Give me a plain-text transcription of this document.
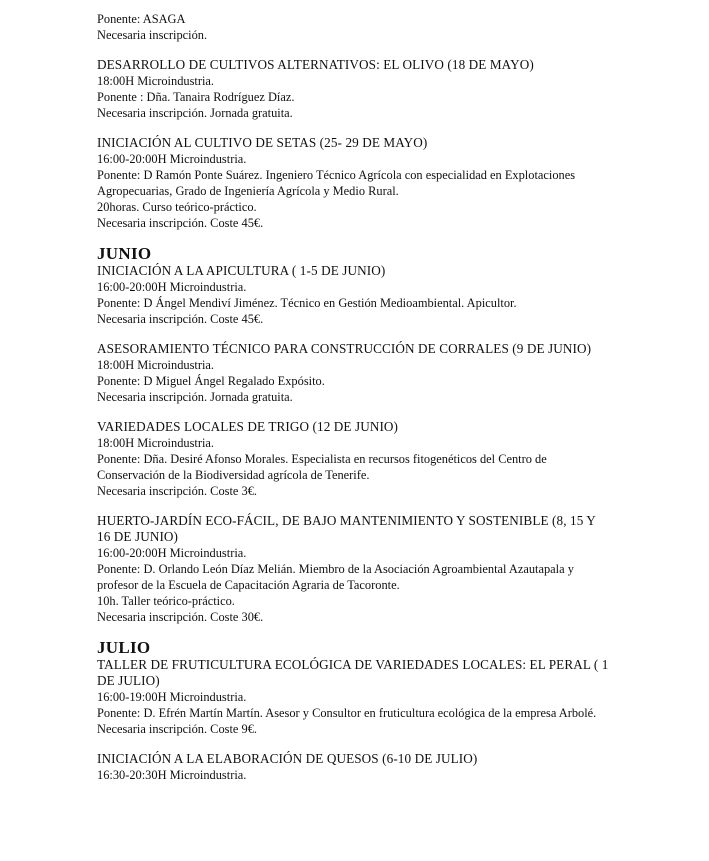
Ponente: ASAGA
Necesaria inscripción.
DESARROLLO DE CULTIVOS ALTERNATIVOS: EL OLIVO (18 DE MAYO)
18:00H Microindustria.
Ponente : Dña. Tanaira Rodríguez Díaz.
Necesaria inscripción. Jornada gratuita.
INICIACIÓN AL CULTIVO DE SETAS (25- 29 DE MAYO)
16:00-20:00H Microindustria.
Ponente: D Ramón Ponte Suárez. Ingeniero Técnico Agrícola con especialidad en Explotaciones Agropecuarias, Grado de Ingeniería Agrícola y Medio Rural.
20horas. Curso teórico-práctico.
Necesaria inscripción. Coste 45€.
JUNIO
INICIACIÓN A LA APICULTURA ( 1-5 DE JUNIO)
16:00-20:00H Microindustria.
Ponente: D Ángel Mendiví Jiménez. Técnico en Gestión Medioambiental. Apicultor.
Necesaria inscripción. Coste 45€.
ASESORAMIENTO TÉCNICO PARA CONSTRUCCIÓN DE CORRALES (9 DE JUNIO)
18:00H Microindustria.
Ponente: D Miguel Ángel Regalado Expósito.
Necesaria inscripción. Jornada gratuita.
VARIEDADES LOCALES DE TRIGO (12 DE JUNIO)
18:00H Microindustria.
Ponente: Dña. Desiré Afonso Morales. Especialista en recursos fitogenéticos del Centro de Conservación de la Biodiversidad agrícola de Tenerife.
Necesaria inscripción. Coste 3€.
HUERTO-JARDÍN ECO-FÁCIL, DE BAJO MANTENIMIENTO Y SOSTENIBLE (8, 15 Y 16 DE JUNIO)
16:00-20:00H Microindustria.
Ponente: D. Orlando León Díaz Melián. Miembro de la Asociación Agroambiental Azautapala y profesor de la Escuela de Capacitación Agraria de Tacoronte.
10h. Taller teórico-práctico.
Necesaria inscripción. Coste 30€.
JULIO
TALLER DE FRUTICULTURA ECOLÓGICA DE VARIEDADES LOCALES: EL PERAL ( 1 DE JULIO)
16:00-19:00H Microindustria.
Ponente: D. Efrén Martín Martín. Asesor y Consultor en fruticultura ecológica de la empresa Arbolé.
Necesaria inscripción. Coste 9€.
INICIACIÓN A LA ELABORACIÓN DE QUESOS (6-10 DE JULIO)
16:30-20:30H Microindustria.
